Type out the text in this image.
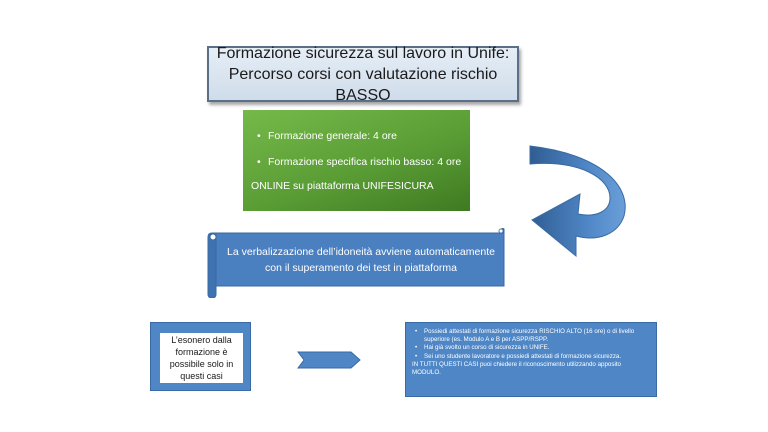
Formazione sicurezza sul lavoro in Unife:
Percorso corsi con valutazione rischio BASSO
• Formazione generale: 4 ore
• Formazione specifica rischio basso: 4 ore
ONLINE su piattaforma UNIFESICURA
La verbalizzazione dell’idoneità avviene automaticamente
con il superamento dei test in piattaforma
L’esonero dalla
formazione è
possibile solo in
questi casi
• Possiedi attestati di formazione sicurezza RISCHIO ALTO (16 ore) o di livello superiore (es. Modulo A e B per ASPP/RSPP.
• Hai già svolto un corso di sicurezza in UNIFE.
• Sei uno studente lavoratore e possiedi attestati di formazione sicurezza.
IN TUTTI QUESTI CASI puoi chiedere il riconoscimento utilizzando apposito MODULO.
